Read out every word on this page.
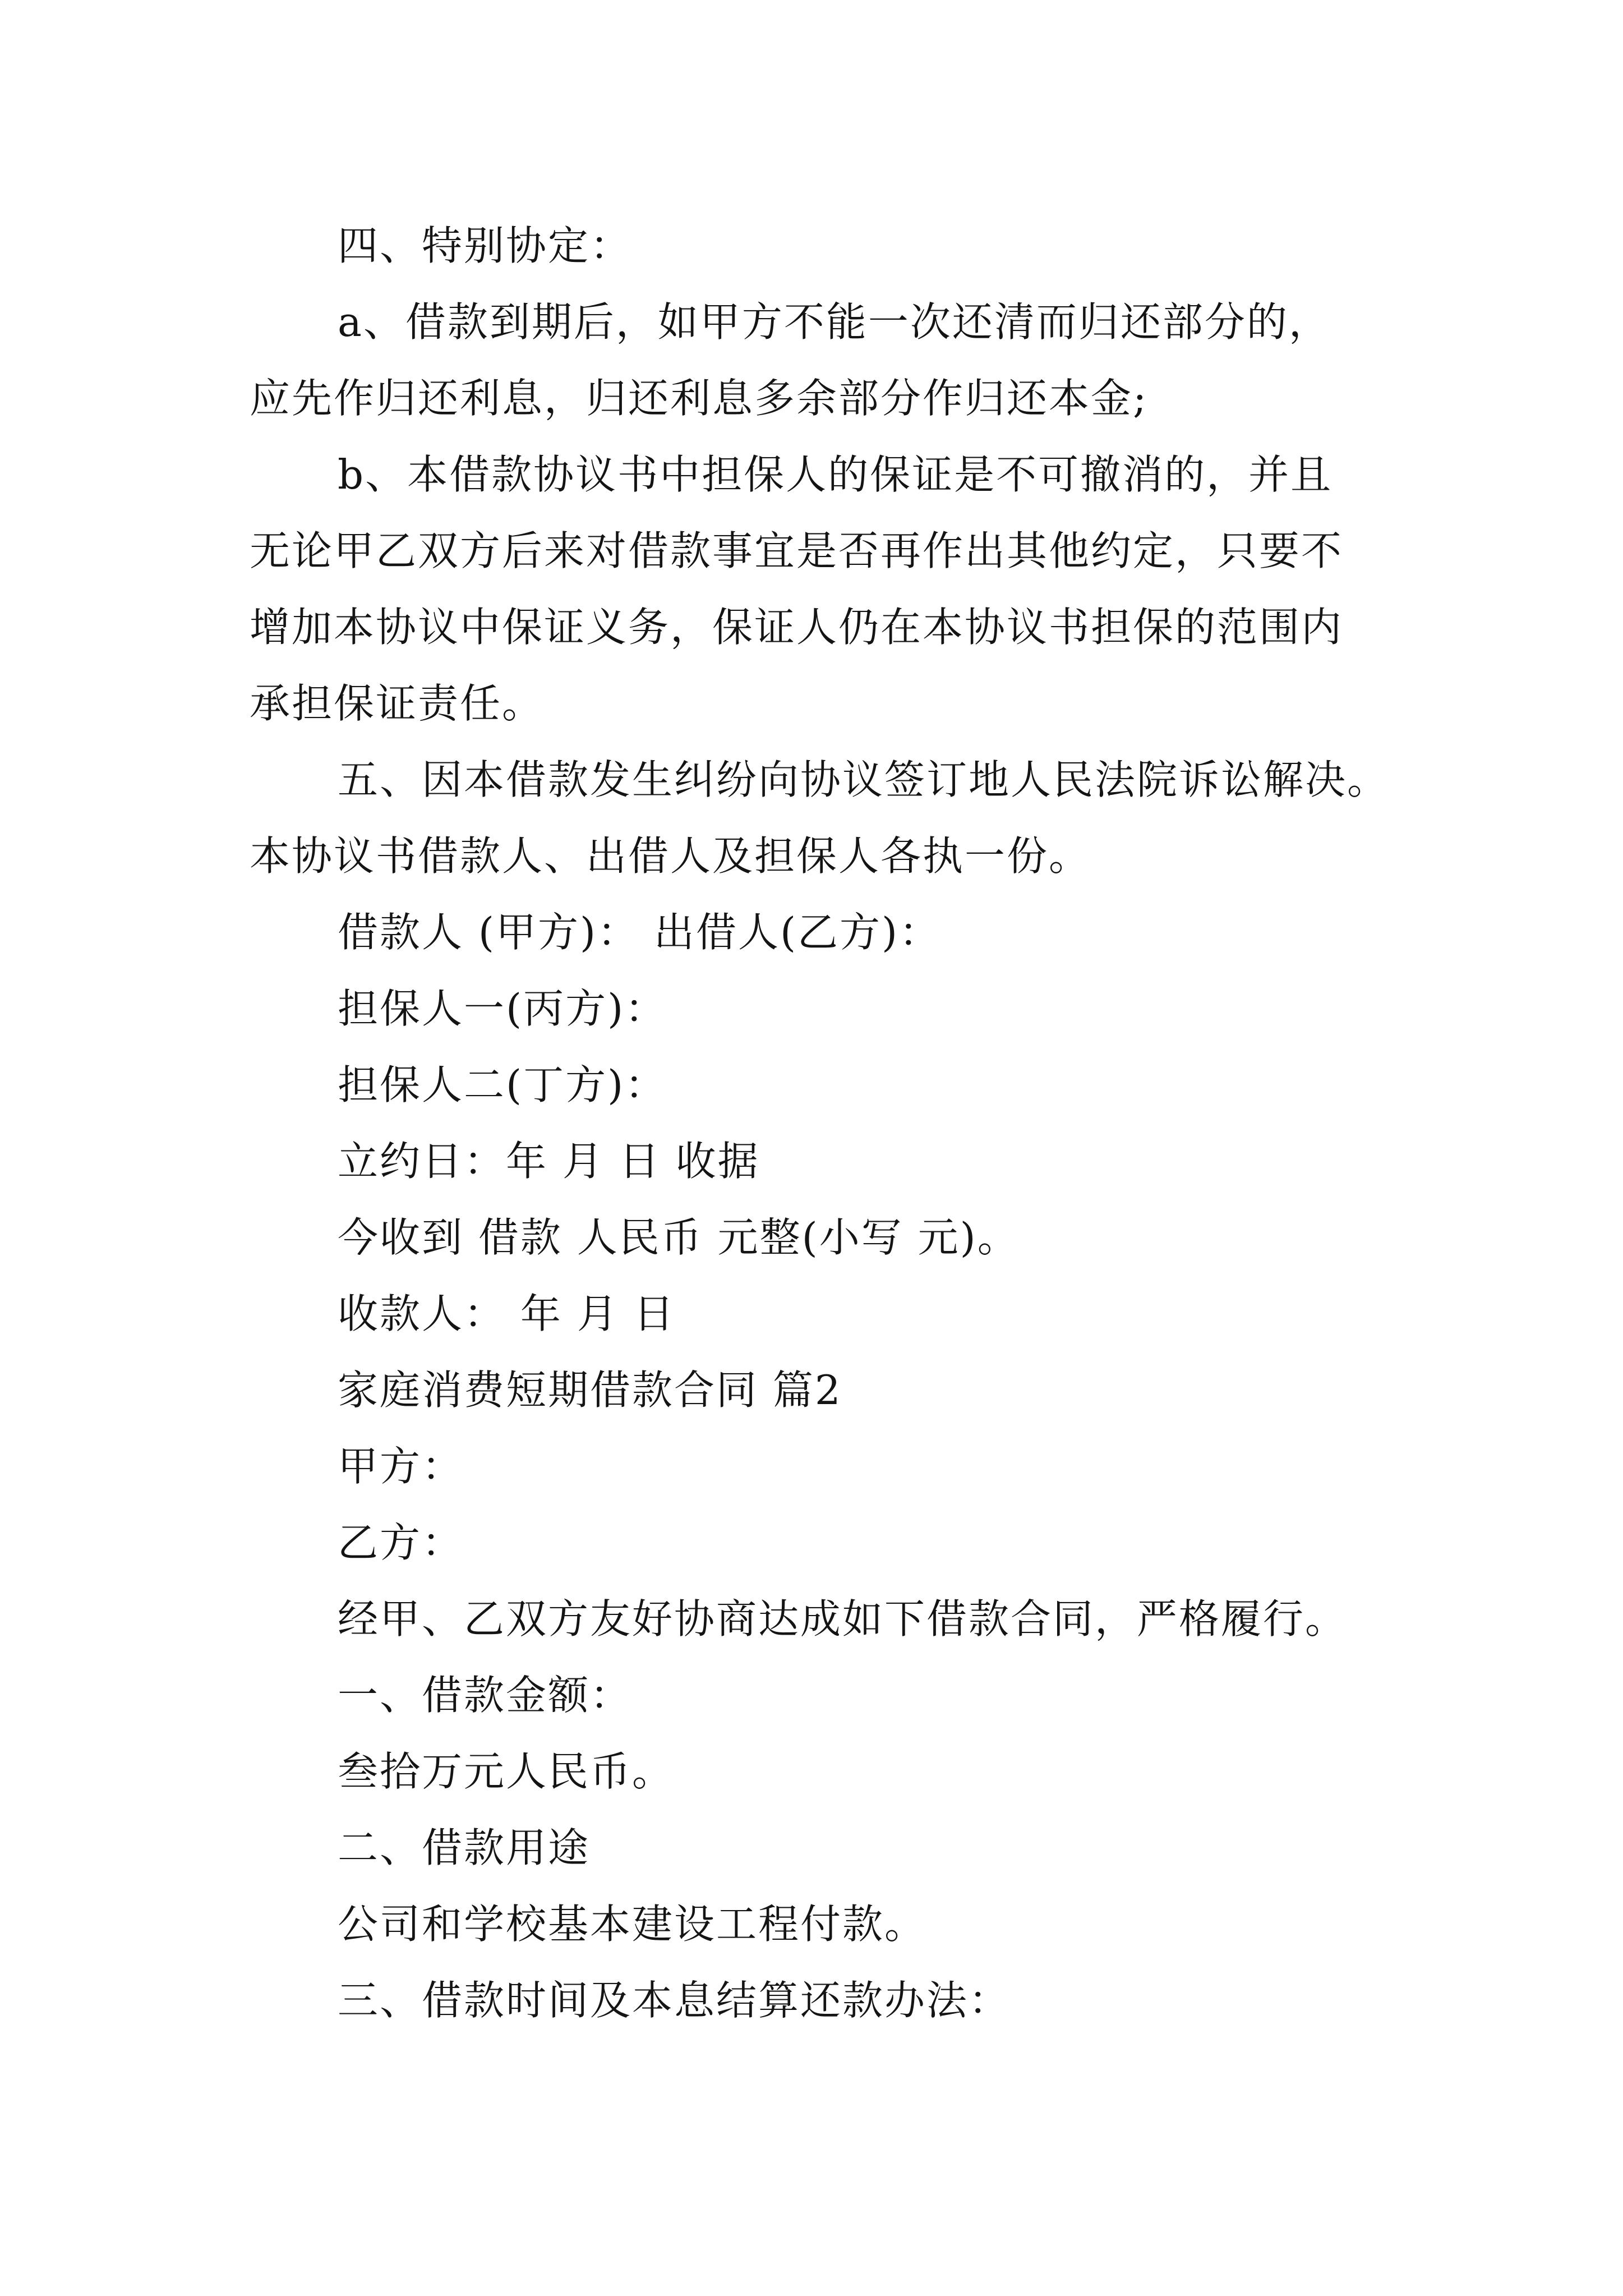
四、特别协定：

a、借款到期后，如甲方不能一次还清而归还部分的，
应先作归还利息，归还利息多余部分作归还本金;

b、本借款协议书中担保人的保证是不可撤消的，并且
无论甲乙双方后来对借款事宜是否再作出其他约定，只要不
增加本协议中保证义务，保证人仍在本协议书担保的范围内
承担保证责任。

五、因本借款发生纠纷向协议签订地人民法院诉讼解决。
本协议书借款人、出借人及担保人各执一份。

借款人 (甲方)： 出借人(乙方)：

担保人一(丙方)：

担保人二(丁方)：

立约日：年 月 日 收据

今收到 借款 人民币 元整(小写 元)。

收款人： 年 月 日

家庭消费短期借款合同 篇2

甲方：

乙方：

经甲、乙双方友好协商达成如下借款合同，严格履行。

一、借款金额：

叁拾万元人民币。

二、借款用途

公司和学校基本建设工程付款。

三、借款时间及本息结算还款办法：
